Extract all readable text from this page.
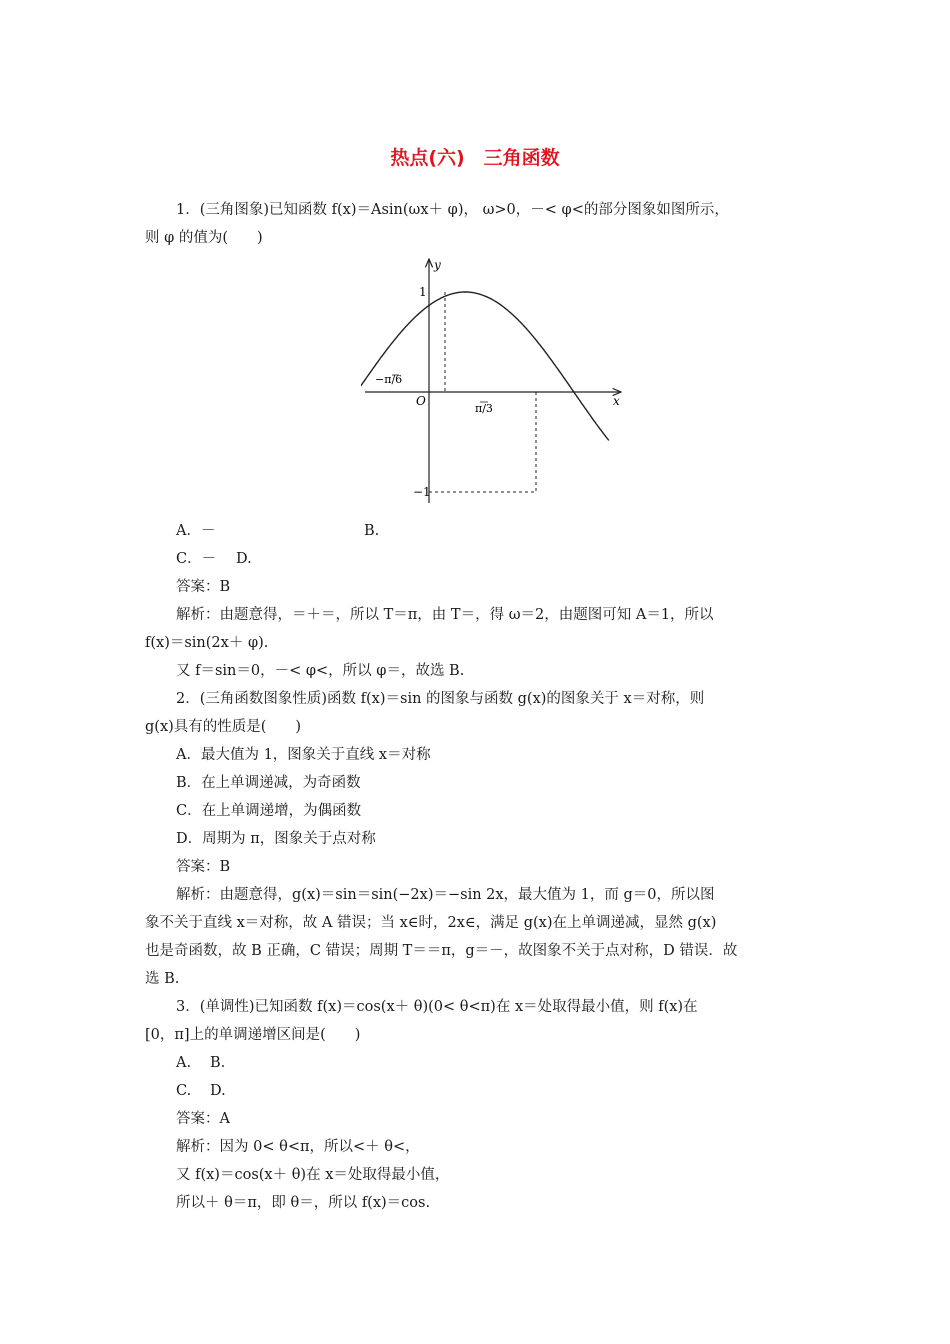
热点(六)　三角函数
1．(三角图象)已知函数 f(x)＝Asin(ωx＋ φ)， ω>0，－< φ<的部分图象如图所示，
则 φ 的值为(　　)
y
x
O
1
−1
−π/6
π/3
A．－	B.
C．－ D.
答案：B
解析：由题意得，＝＋＝，所以 T＝π，由 T＝，得 ω＝2，由题图可知 A＝1，所以
f(x)＝sin(2x＋ φ).
又 f＝sin＝0，－< φ<，所以 φ＝，故选 B.
2．(三角函数图象性质)函数 f(x)＝sin 的图象与函数 g(x)的图象关于 x＝对称，则
g(x)具有的性质是(　　)
A．最大值为 1，图象关于直线 x＝对称
B．在上单调递减，为奇函数
C．在上单调递增，为偶函数
D．周期为 π，图象关于点对称
答案：B
解析：由题意得，g(x)＝sin＝sin(−2x)＝−sin 2x，最大值为 1，而 g＝0，所以图
象不关于直线 x＝对称，故 A 错误；当 x∈时，2x∈，满足 g(x)在上单调递减，显然 g(x)
也是奇函数，故 B 正确，C 错误；周期 T＝＝π，g＝－，故图象不关于点对称，D 错误．故
选 B.
3．(单调性)已知函数 f(x)＝cos(x＋ θ)(0< θ<π)在 x＝处取得最小值，则 f(x)在
[0，π]上的单调递增区间是(　　)
A. B.
C. D.
答案：A
解析：因为 0< θ<π，所以<＋ θ<，
又 f(x)＝cos(x＋ θ)在 x＝处取得最小值，
所以＋ θ＝π，即 θ＝，所以 f(x)＝cos.
